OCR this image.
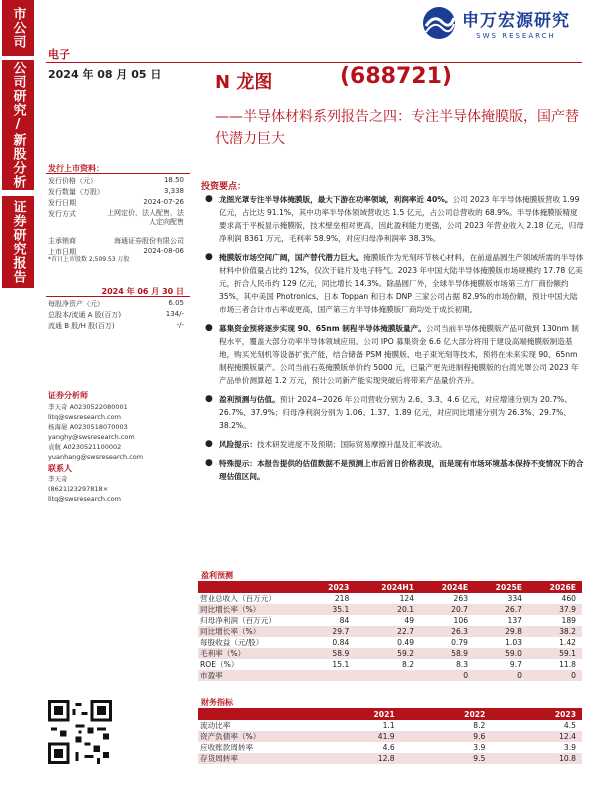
市公司
公司研究/新股分析
证券研究报告
申万宏源研究
SWS RESEARCH
电子
2024 年 08 月 05 日	N 龙图	(688721)
——半导体材料系列报告之四：专注半导体掩膜版，国产替代潜力巨大
发行上市资料：
发行价格（元）	18.50
发行数量（万股）	3,338
发行日期	2024-07-26
发行方式	上网定价，法人配售，法人定向配售
主承销商	海通证券股份有限公司
上市日期	2024-08-06
*首日上市股数 2,509.53 万股
2024 年 06 月 30 日
每股净资产（元）	6.05
总股本/流通 A 股(百万)	134/-
流通 B 股/H 股(百万)	-/-
证券分析师
李天奇 A0230522080001
litq@swsresearch.com
杨海晏 A0230518070003
yanghy@swsresearch.com
袁航 A0230521100002
yuanhang@swsresearch.com
联系人
李天奇
(8621)23297818×
litq@swsresearch.com
投资要点：
● 龙图光罩专注半导体掩膜版，最大下游在功率领域，利润率近 40%。公司 2023 年半导体掩膜版营收 1.99 亿元，占比达 91.1%，其中功率半导体领域营收达 1.5 亿元，占公司总营收的 68.9%。半导体掩膜版精度要求高于平板显示掩膜版，技术壁垒相对更高，因此盈利能力更强，公司 2023 年营业收入 2.18 亿元，归母净利润 8361 万元，毛利率 58.9%，对应归母净利润率 38.3%。
● 掩膜版市场空间广阔，国产替代潜力巨大。掩膜版作为光刻环节核心材料，在前道晶圆生产领域所需的半导体材料中价值量占比约 12%，仅次于硅片及电子特气。2023 年中国大陆半导体掩膜版市场规模约 17.78 亿美元，折合人民币约 129 亿元，同比增长 14.3%。除晶圆厂外，全球半导体掩膜版市场第三方厂商份额约 35%，其中美国 Photronics、日本 Toppan 和日本 DNP 三家公司占据 82.9%的市场份额，预计中国大陆市场三者合计市占率或更高，国产第三方半导体掩膜版厂商均处于成长初期。
● 募集资金预将逐步实现 90、65nm 制程半导体掩膜版量产。公司当前半导体掩膜版产品可做到 130nm 制程水平，覆盖大部分功率半导体领域应用。公司 IPO 募集资金 6.6 亿大部分将用于建设高端掩膜版制造基地，购买光刻机等设备扩张产能，结合储备 PSM 掩膜版、电子束光刻等技术，预将在未来实现 90、65nm 制程掩膜版量产。公司当前石英掩膜版单价约 5000 元，已量产更先进制程掩膜版的台湾光罩公司 2023 年产品单价测算超 1.2 万元，预计公司新产能实现突破后将带来产品量价齐升。
● 盈利预测与估值。预计 2024~2026 年公司营收分别为 2.6、3.3、4.6 亿元，对应增速分别为 20.7%、26.7%、37.9%；归母净利润分别为 1.06、1.37、1.89 亿元，对应同比增速分别为 26.3%、29.7%、38.2%。
● 风险提示：技术研发进度不及预期；国际贸易摩擦升温及汇率波动。
● 特殊提示：本报告提供的估值数据不是预测上市后首日价格表现，而是现有市场环境基本保持不变情况下的合理估值区间。
盈利预测
	2023	2024H1	2024E	2025E	2026E
营业总收入（百万元）	218	124	263	334	460
同比增长率（%）	35.1	20.1	20.7	26.7	37.9
归母净利润（百万元）	84	49	106	137	189
同比增长率（%）	29.7	22.7	26.3	29.8	38.2
每股收益（元/股）	0.84	0.49	0.79	1.03	1.42
毛利率（%）	58.9	59.2	58.9	59.0	59.1
ROE（%）	15.1	8.2	8.3	9.7	11.8
市盈率			0	0	0
财务指标
	2021	2022	2023
流动比率	1.1	8.2	4.5
资产负债率（%）	41.9	9.6	12.4
应收账款周转率	4.6	3.9	3.9
存货周转率	12.8	9.5	10.8
